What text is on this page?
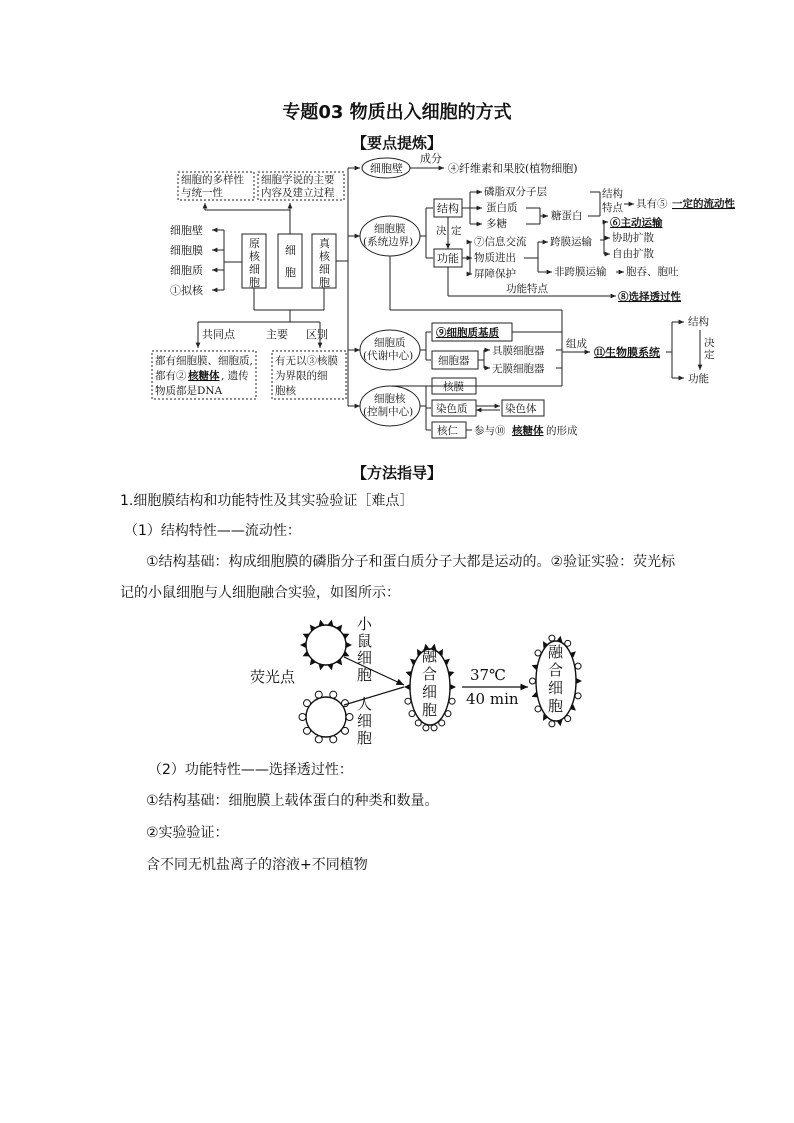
专题03 物质出入细胞的方式
【要点提炼】
成分
细胞壁	④纤维素和果胶(植物细胞)
细胞的多样性
与统一性
细胞学说的主要
内容及建立过程
细胞壁
细胞膜
细胞质
①拟核
原
核
细
胞
细
胞
真
核
细
胞
共同点	主要 区别
都有细胞膜、细胞质,
都有② 核糖体 , 遗传
物质都是DNA
有无以③核膜
为界限的细
胞核
细胞膜
(系统边界)
结构
决 定
功能
磷脂双分子层
蛋白质
多糖
糖蛋白
结构
特点 具有⑤ 一定的流动性
⑦信息交流
物质进出
屏障保护
跨膜运输
⑥主动运输
协助扩散
自由扩散
非跨膜运输 胞吞、胞吐
功能特点
⑧选择透过性
细胞质
(代谢中心)
⑨细胞质基质
细胞器
具膜细胞器
无膜细胞器
组成
⑪生物膜系统
结构
决
定
功能
细胞核
(控制中心)
核膜
染色质	染色体
核仁 参与⑩ 核糖体 的形成
【方法指导】
1.细胞膜结构和功能特性及其实验验证［难点］
（1）结构特性——流动性：
①结构基础：构成细胞膜的磷脂分子和蛋白质分子大都是运动的。②验证实验：荧光标
记的小鼠细胞与人细胞融合实验，如图所示：
小
鼠
细
胞
荧光点
人
细
胞
融
合
细
胞
融
合
细
胞
37℃
40 min
（2）功能特性——选择透过性：
①结构基础：细胞膜上载体蛋白的种类和数量。
②实验验证：
含不同无机盐离子的溶液+不同植物
